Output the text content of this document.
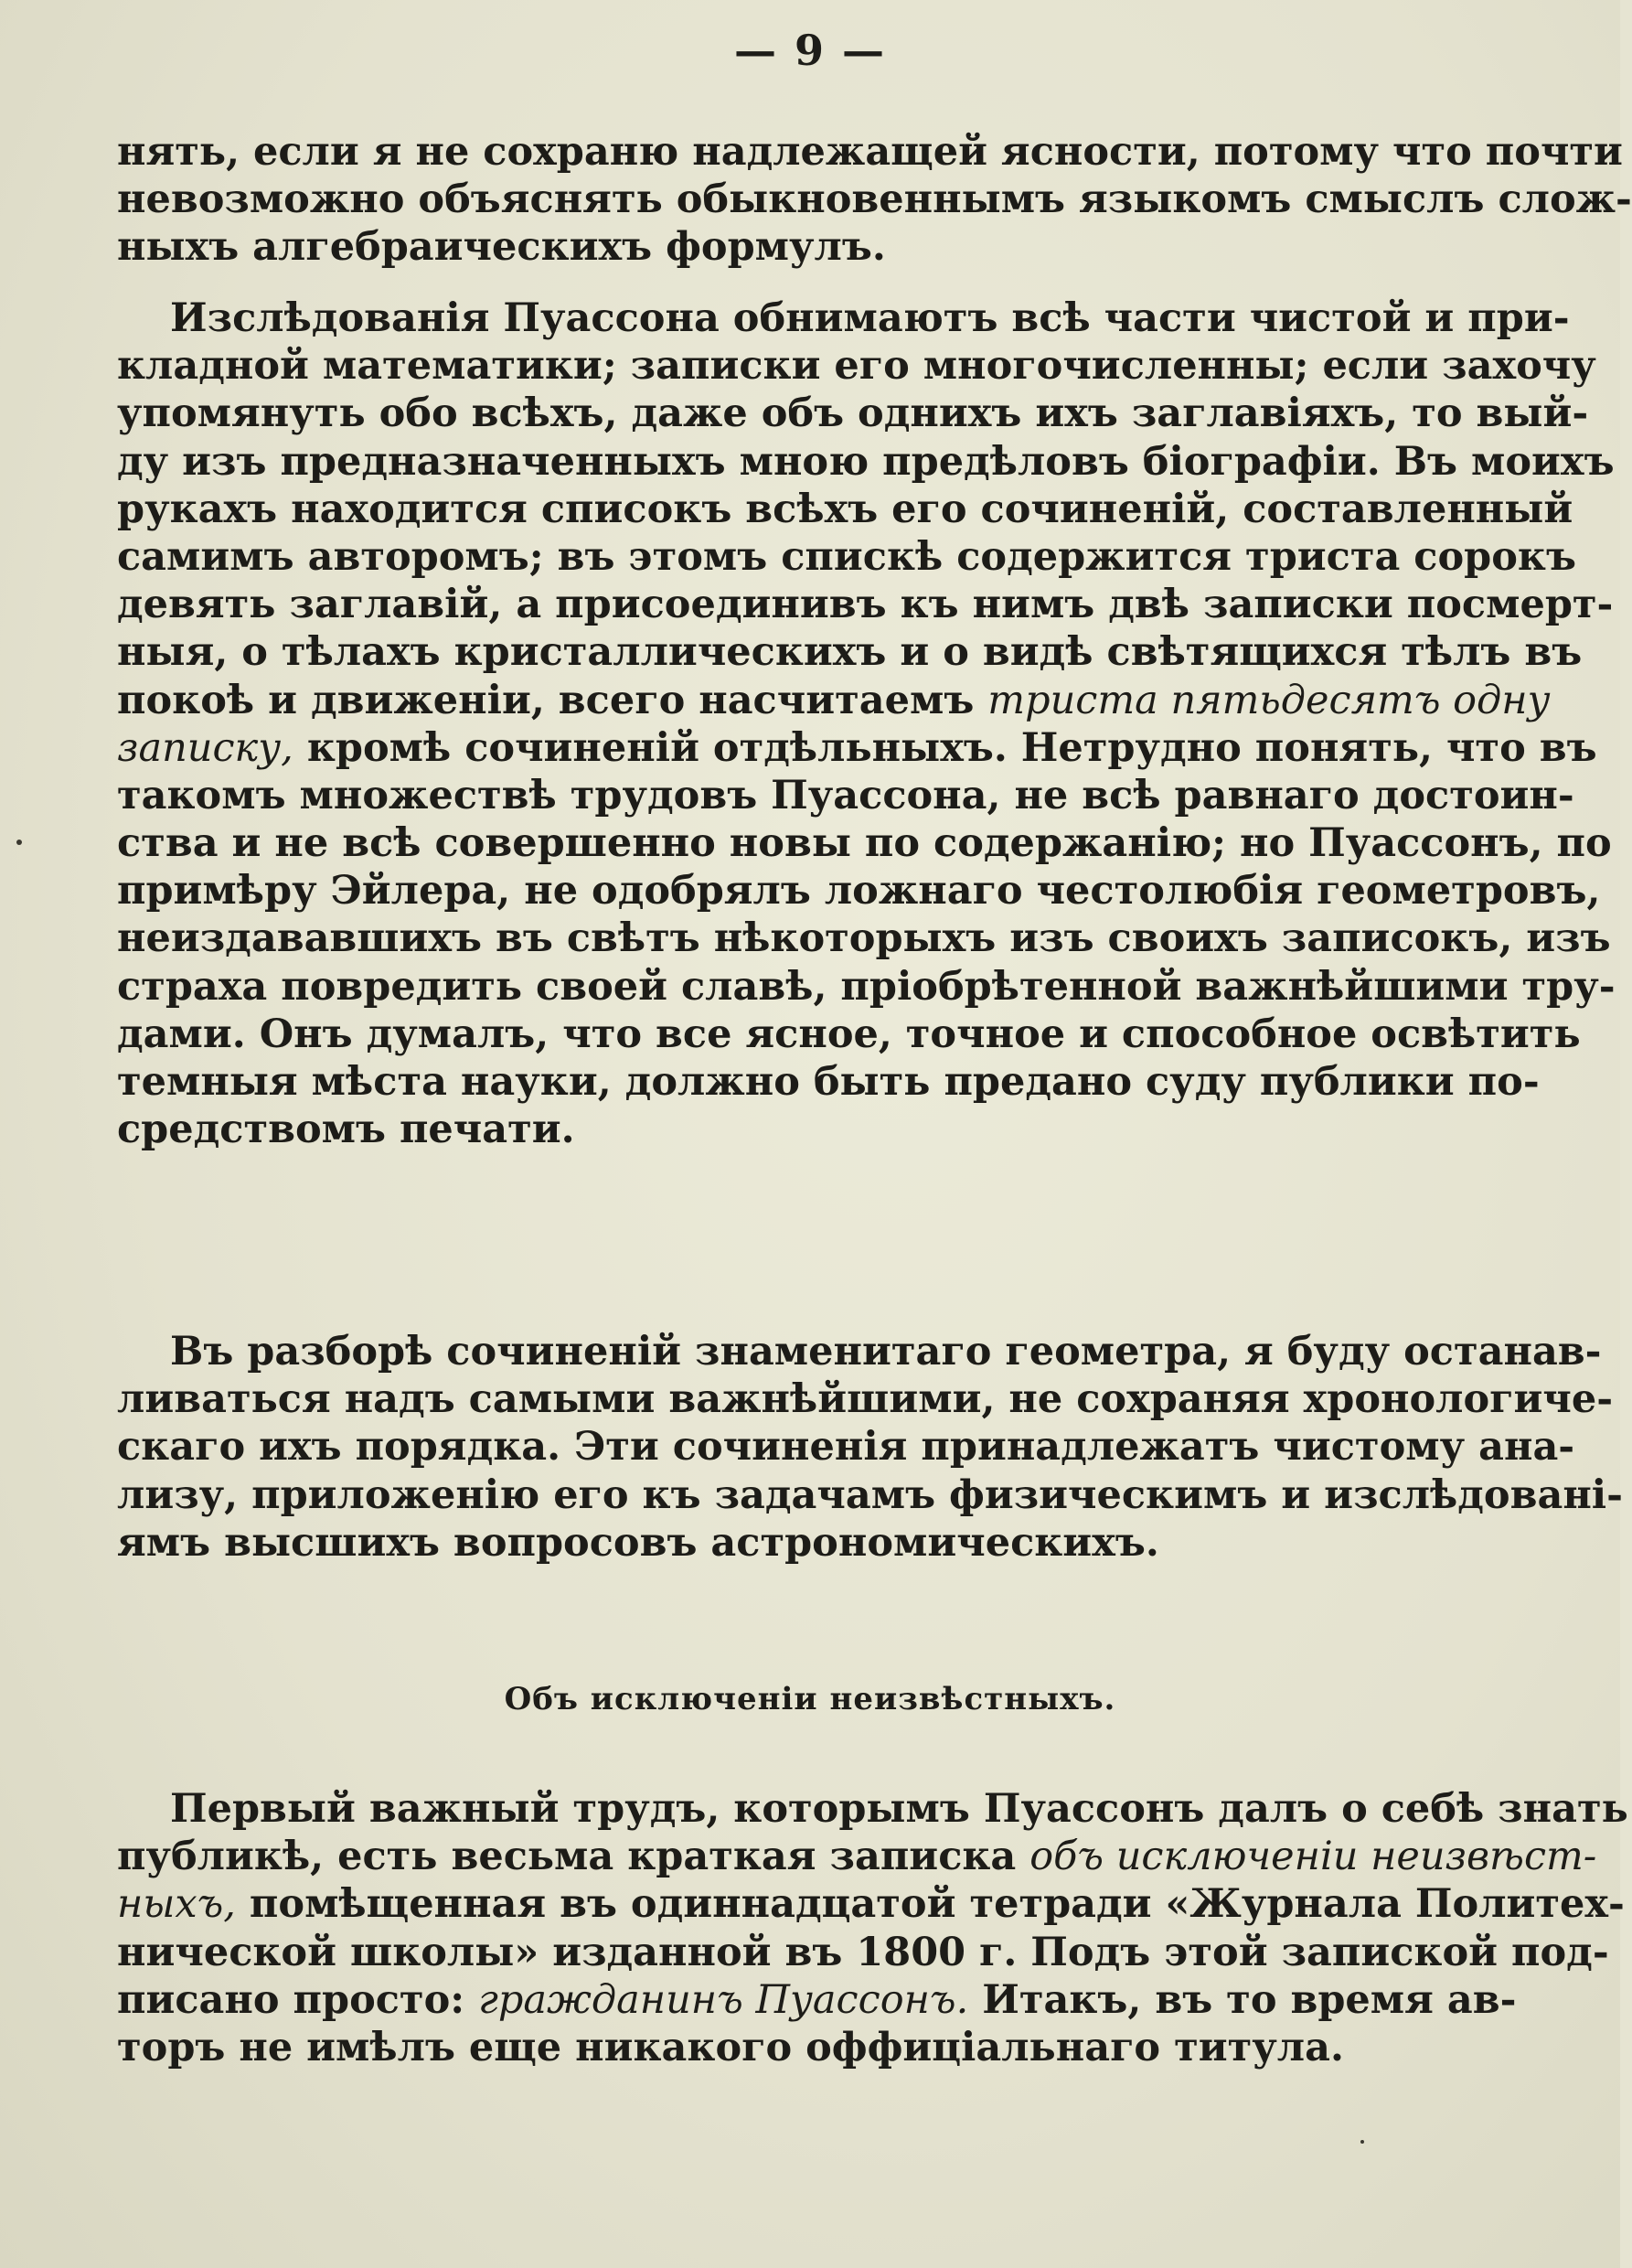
— 9 —
нять, если я не сохраню надлежащей ясности, потому что почти
невозможно объяснять обыкновеннымъ языкомъ смыслъ слож-
ныхъ алгебраическихъ формулъ.
Изслѣдованія Пуассона обнимаютъ всѣ части чистой и при-
кладной математики; записки его многочисленны; если захочу
упомянуть обо всѣхъ, даже объ однихъ ихъ заглавіяхъ, то вый-
ду изъ предназначенныхъ мною предѣловъ біографіи. Въ моихъ
рукахъ находится списокъ всѣхъ его сочиненій, составленный
самимъ авторомъ; въ этомъ спискѣ содержится триста сорокъ
девять заглавій, а присоединивъ къ нимъ двѣ записки посмерт-
ныя, о тѣлахъ кристаллическихъ и о видѣ свѣтящихся тѣлъ въ
покоѣ и движеніи, всего насчитаемъ триста пятьдесятъ одну
записку, кромѣ сочиненій отдѣльныхъ. Нетрудно понять, что въ
такомъ множествѣ трудовъ Пуассона, не всѣ равнаго достоин-
ства и не всѣ совершенно новы по содержанію; но Пуассонъ, по
примѣру Эйлера, не одобрялъ ложнаго честолюбія геометровъ,
неиздававшихъ въ свѣтъ нѣкоторыхъ изъ своихъ записокъ, изъ
страха повредить своей славѣ, пріобрѣтенной важнѣйшими тру-
дами. Онъ думалъ, что все ясное, точное и способное освѣтить
темныя мѣста науки, должно быть предано суду публики по-
средствомъ печати.
Въ разборѣ сочиненій знаменитаго геометра, я буду останав-
ливаться надъ самыми важнѣйшими, не сохраняя хронологиче-
скаго ихъ порядка. Эти сочиненія принадлежатъ чистому ана-
лизу, приложенію его къ задачамъ физическимъ и изслѣдовані-
ямъ высшихъ вопросовъ астрономическихъ.
Объ исключеніи неизвѣстныхъ.
Первый важный трудъ, которымъ Пуассонъ далъ о себѣ знать
публикѣ, есть весьма краткая записка объ исключеніи неизвѣст-
ныхъ, помѣщенная въ одиннадцатой тетради «Журнала Политех-
нической школы» изданной въ 1800 г. Подъ этой запиской под-
писано просто: гражданинъ Пуассонъ. Итакъ, въ то время ав-
торъ не имѣлъ еще никакого оффиціальнаго титула.
